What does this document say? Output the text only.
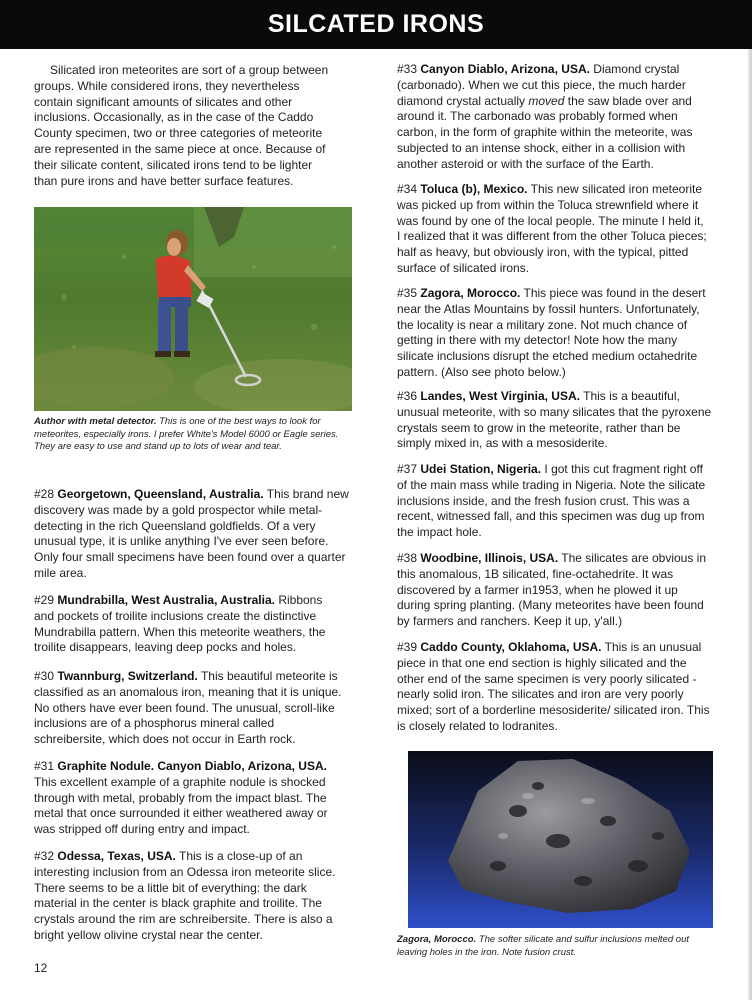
SILCATED IRONS

Silicated iron meteorites are sort of a group between groups. While considered irons, they nevertheless contain significant amounts of silicates and other inclusions. Occasionally, as in the case of the Caddo County specimen, two or three categories of meteorite are represented in the same piece at once. Because of their silicate content, silicated irons tend to be lighter than pure irons and have better surface features.

Author with metal detector. This is one of the best ways to look for meteorites, especially irons. I prefer White's Model 6000 or Eagle series. They are easy to use and stand up to lots of wear and tear.

#28 Georgetown, Queensland, Australia. This brand new discovery was made by a gold prospector while metal-detecting in the rich Queensland goldfields. Of a very unusual type, it is unlike anything I've ever seen before. Only four small specimens have been found over a quarter mile area.

#29 Mundrabilla, West Australia, Australia. Ribbons and pockets of troilite inclusions create the distinctive Mundrabilla pattern. When this meteorite weathers, the troilite disappears, leaving deep pocks and holes.

#30 Twannburg, Switzerland. This beautiful meteorite is classified as an anomalous iron, meaning that it is unique. No others have ever been found. The unusual, scroll-like inclusions are of a phosphorus mineral called schreibersite, which does not occur in Earth rock.

#31 Graphite Nodule. Canyon Diablo, Arizona, USA. This excellent example of a graphite nodule is shocked through with metal, probably from the impact blast. The metal that once surrounded it either weathered away or was stripped off during entry and impact.

#32 Odessa, Texas, USA. This is a close-up of an interesting inclusion from an Odessa iron meteorite slice. There seems to be a little bit of everything: the dark material in the center is black graphite and troilite. The crystals around the rim are schreibersite. There is also a bright yellow olivine crystal near the center.

#33 Canyon Diablo, Arizona, USA. Diamond crystal (carbonado). When we cut this piece, the much harder diamond crystal actually moved the saw blade over and around it. The carbonado was probably formed when carbon, in the form of graphite within the meteorite, was subjected to an intense shock, either in a collision with another asteroid or with the surface of the Earth.

#34 Toluca (b), Mexico. This new silicated iron meteorite was picked up from within the Toluca strewnfield where it was found by one of the local people. The minute I held it, I realized that it was different from the other Toluca pieces; half as heavy, but obviously iron, with the typical, pitted surface of silicated irons.

#35 Zagora, Morocco. This piece was found in the desert near the Atlas Mountains by fossil hunters. Unfortunately, the locality is near a military zone. Not much chance of getting in there with my detector! Note how the many silicate inclusions disrupt the etched medium octahedrite pattern. (Also see photo below.)

#36 Landes, West Virginia, USA. This is a beautiful, unusual meteorite, with so many silicates that the pyroxene crystals seem to grow in the meteorite, rather than be simply mixed in, as with a mesosiderite.

#37 Udei Station, Nigeria. I got this cut fragment right off of the main mass while trading in Nigeria. Note the silicate inclusions inside, and the fresh fusion crust. This was a recent, witnessed fall, and this specimen was dug up from the impact hole.

#38 Woodbine, Illinois, USA. The silicates are obvious in this anomalous, 1B silicated, fine-octahedrite. It was discovered by a farmer in1953, when he plowed it up during spring planting. (Many meteorites have been found by farmers and ranchers. Keep it up, y'all.)

#39 Caddo County, Oklahoma, USA. This is an unusual piece in that one end section is highly silicated and the other end of the same specimen is very poorly silicated - nearly solid iron. The silicates and iron are very poorly mixed; sort of a borderline mesosiderite/ silicated iron. This is closely related to lodranites.

Zagora, Morocco. The softer silicate and sulfur inclusions melted out leaving holes in the iron. Note fusion crust.

12
